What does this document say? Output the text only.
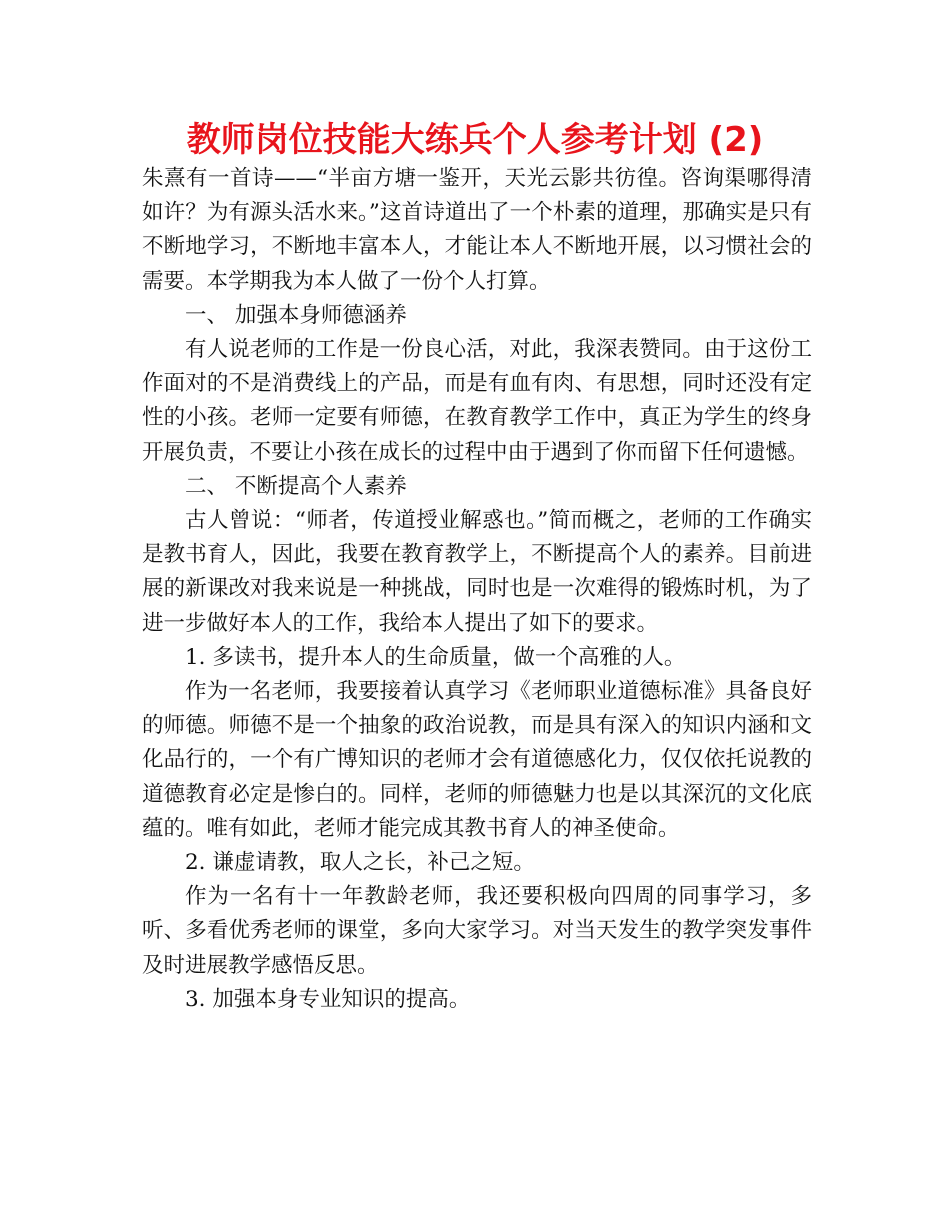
教师岗位技能大练兵个人参考计划 (2)

朱熹有一首诗——“半亩方塘一鉴开，天光云影共彷徨。咨询渠哪得清如许？为有源头活水来。”这首诗道出了一个朴素的道理，那确实是只有不断地学习，不断地丰富本人，才能让本人不断地开展，以习惯社会的需要。本学期我为本人做了一份个人打算。

一、 加强本身师德涵养

有人说老师的工作是一份良心活，对此，我深表赞同。由于这份工作面对的不是消费线上的产品，而是有血有肉、有思想，同时还没有定性的小孩。老师一定要有师德，在教育教学工作中，真正为学生的终身开展负责，不要让小孩在成长的过程中由于遇到了你而留下任何遗憾。

二、 不断提高个人素养

古人曾说：“师者，传道授业解惑也。”简而概之，老师的工作确实是教书育人，因此，我要在教育教学上，不断提高个人的素养。目前进展的新课改对我来说是一种挑战，同时也是一次难得的锻炼时机，为了进一步做好本人的工作，我给本人提出了如下的要求。

1. 多读书，提升本人的生命质量，做一个高雅的人。

作为一名老师，我要接着认真学习《老师职业道德标准》具备良好的师德。师德不是一个抽象的政治说教，而是具有深入的知识内涵和文化品行的，一个有广博知识的老师才会有道德感化力，仅仅依托说教的道德教育必定是惨白的。同样，老师的师德魅力也是以其深沉的文化底蕴的。唯有如此，老师才能完成其教书育人的神圣使命。

2. 谦虚请教，取人之长，补己之短。

作为一名有十一年教龄老师，我还要积极向四周的同事学习，多听、多看优秀老师的课堂，多向大家学习。对当天发生的教学突发事件及时进展教学感悟反思。

3. 加强本身专业知识的提高。
